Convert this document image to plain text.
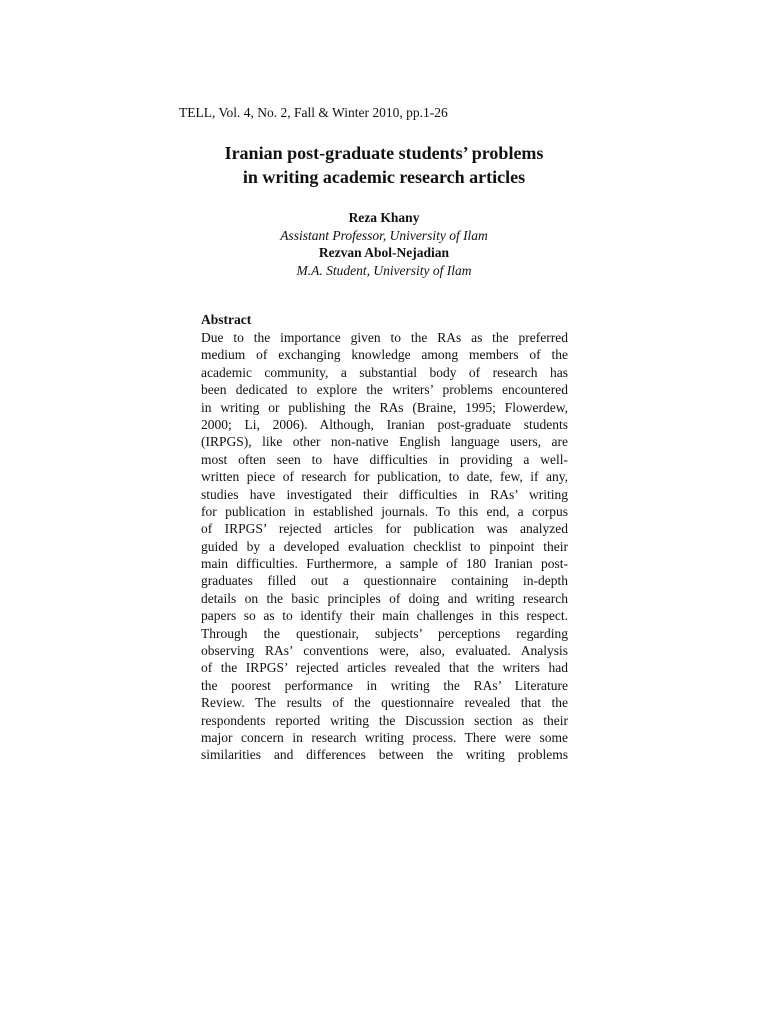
TELL, Vol. 4, No. 2, Fall & Winter 2010, pp.1-26
Iranian post-graduate students’ problems
in writing academic research articles
Reza Khany
Assistant Professor, University of Ilam
Rezvan Abol-Nejadian
M.A. Student, University of Ilam
Abstract
Due to the importance given to the RAs as the preferred
medium of exchanging knowledge among members of the
academic community, a substantial body of research has
been dedicated to explore the writers’ problems encountered
in writing or publishing the RAs (Braine, 1995; Flowerdew,
2000; Li, 2006). Although, Iranian post-graduate students
(IRPGS), like other non-native English language users, are
most often seen to have difficulties in providing a well-
written piece of research for publication, to date, few, if any,
studies have investigated their difficulties in RAs’ writing
for publication in established journals. To this end, a corpus
of IRPGS’ rejected articles for publication was analyzed
guided by a developed evaluation checklist to pinpoint their
main difficulties. Furthermore, a sample of 180 Iranian post-
graduates filled out a questionnaire containing in-depth
details on the basic principles of doing and writing research
papers so as to identify their main challenges in this respect.
Through the questionair, subjects’ perceptions regarding
observing RAs’ conventions were, also, evaluated. Analysis
of the IRPGS’ rejected articles revealed that the writers had
the poorest performance in writing the RAs’ Literature
Review. The results of the questionnaire revealed that the
respondents reported writing the Discussion section as their
major concern in research writing process. There were some
similarities and differences between the writing problems
